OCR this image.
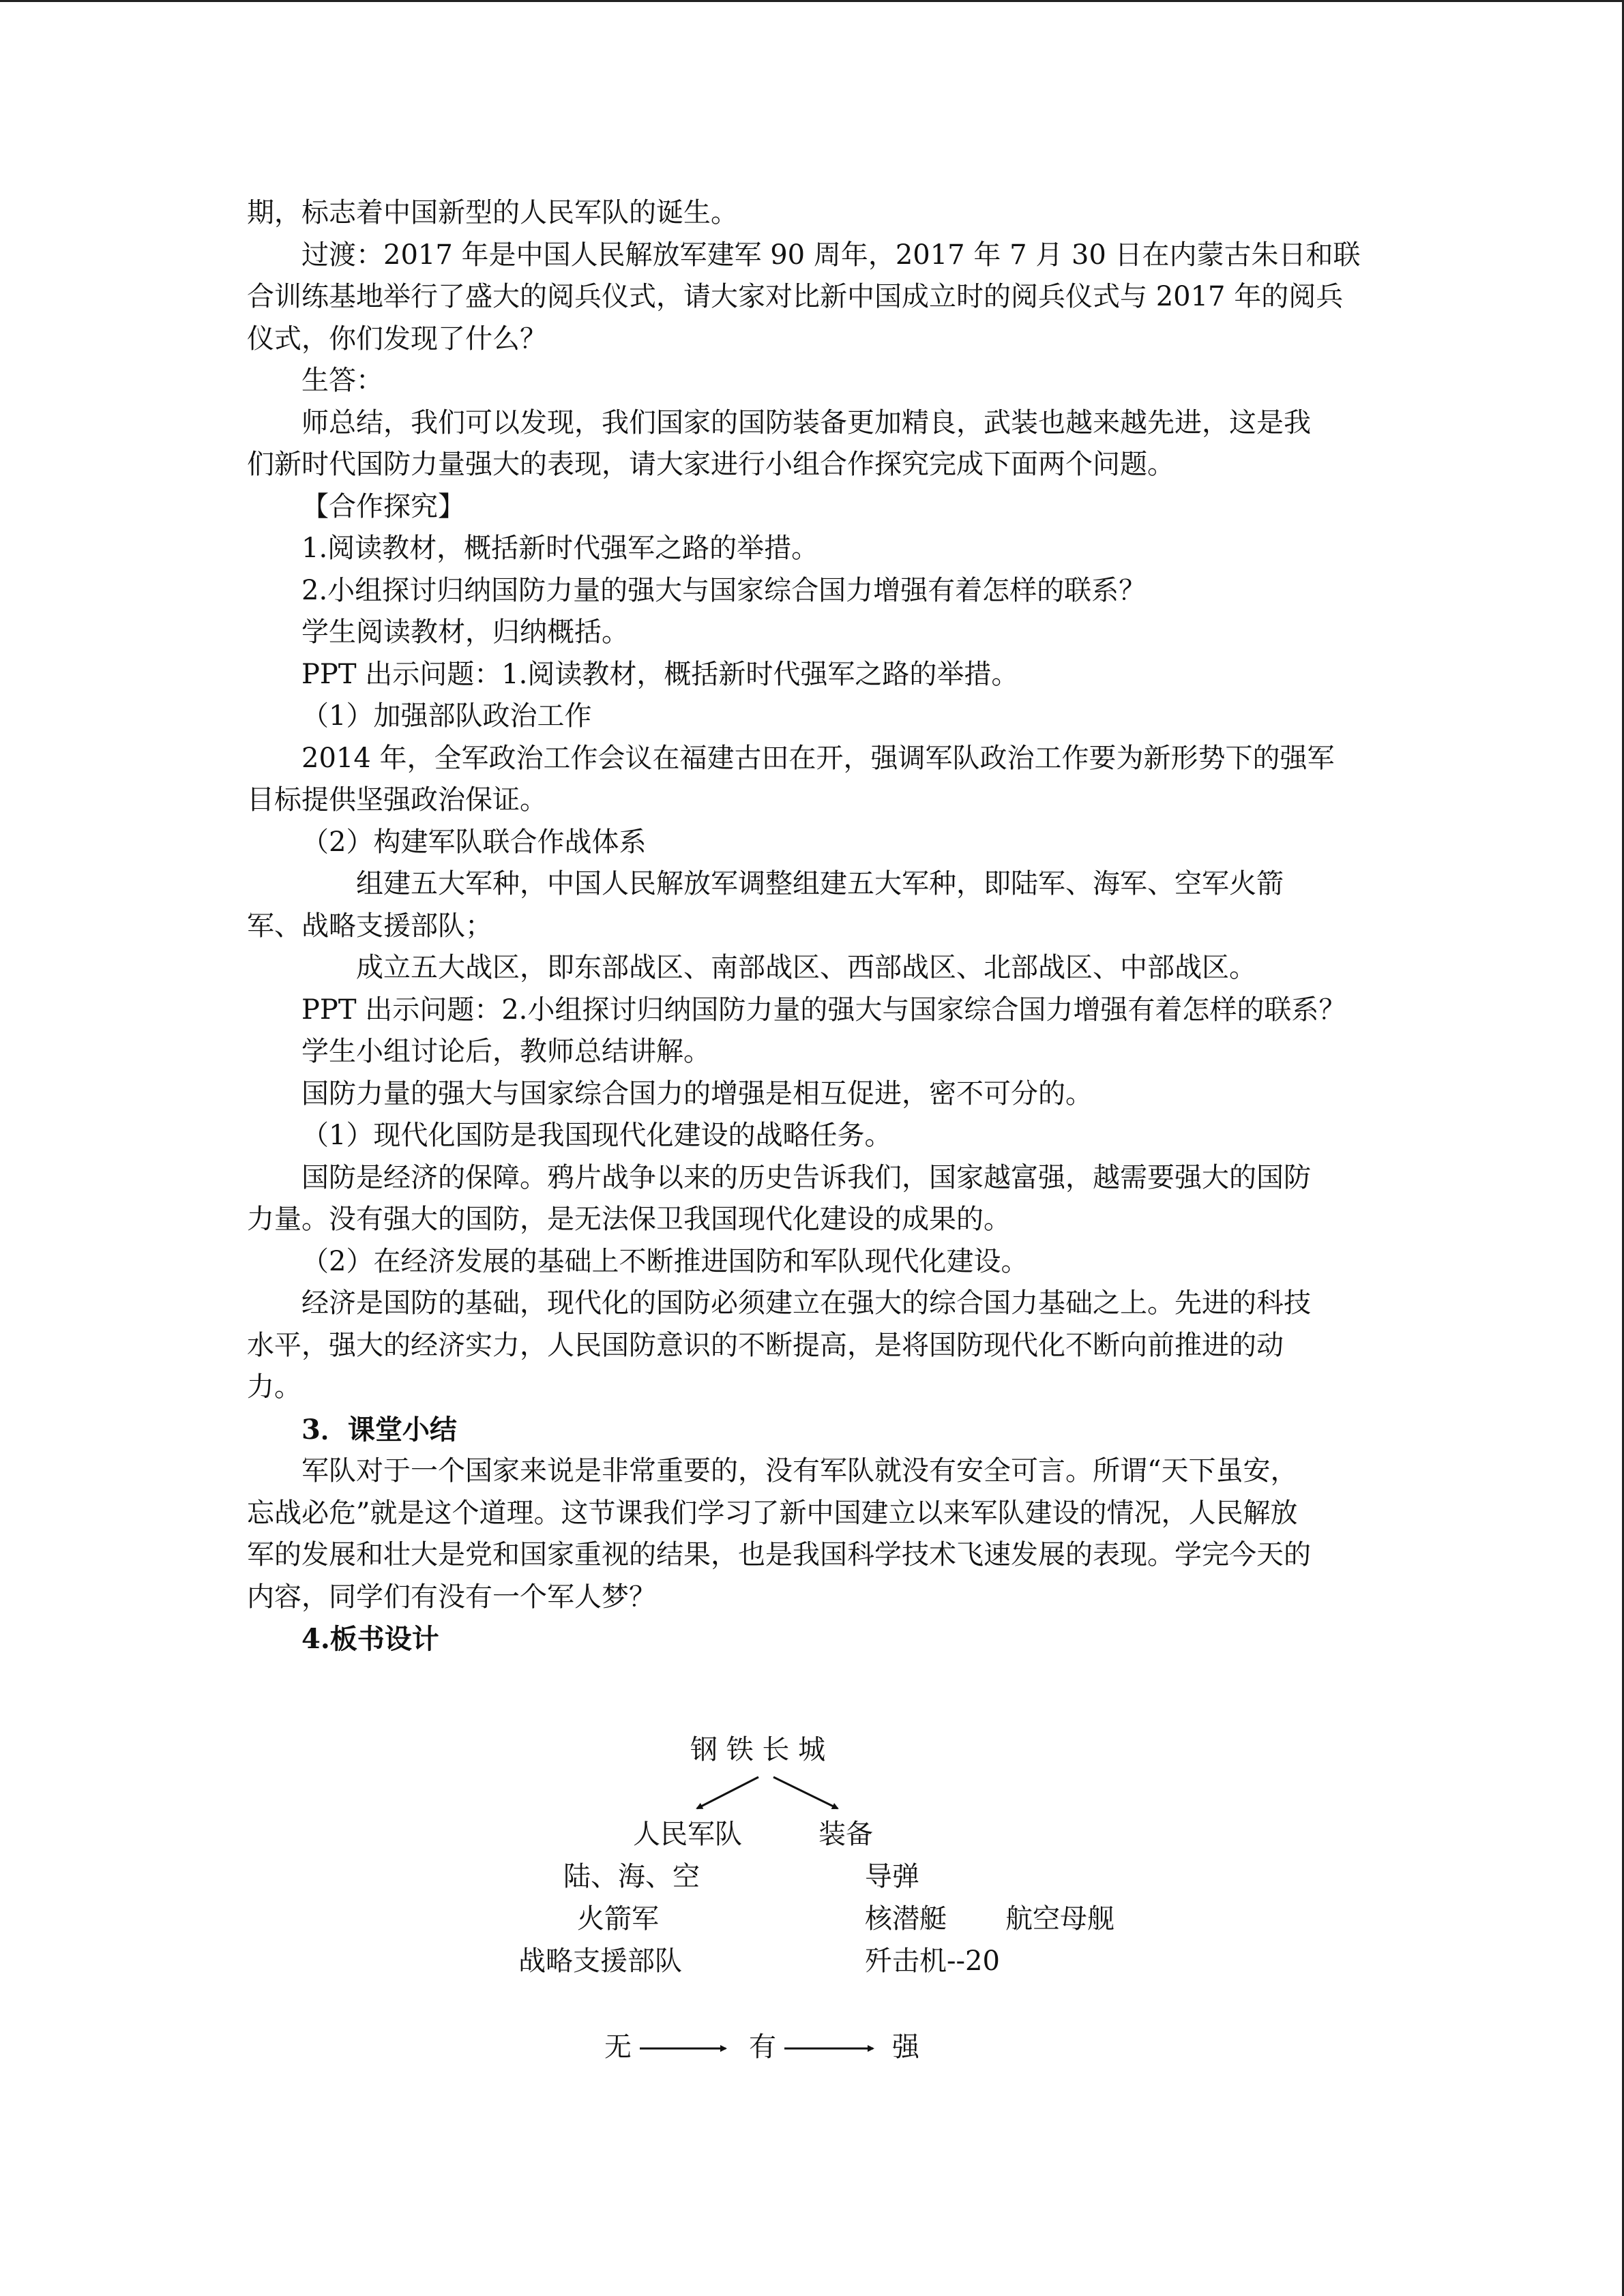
期，标志着中国新型的人民军队的诞生。

过渡：2017 年是中国人民解放军建军 90 周年，2017 年 7 月 30 日在内蒙古朱日和联

合训练基地举行了盛大的阅兵仪式，请大家对比新中国成立时的阅兵仪式与 2017 年的阅兵

仪式，你们发现了什么？

生答：

师总结，我们可以发现，我们国家的国防装备更加精良，武装也越来越先进，这是我

们新时代国防力量强大的表现，请大家进行小组合作探究完成下面两个问题。

【合作探究】

1.阅读教材，概括新时代强军之路的举措。

2.小组探讨归纳国防力量的强大与国家综合国力增强有着怎样的联系？

学生阅读教材，归纳概括。

PPT 出示问题：1.阅读教材，概括新时代强军之路的举措。

（1）加强部队政治工作

2014 年，全军政治工作会议在福建古田在开，强调军队政治工作要为新形势下的强军

目标提供坚强政治保证。

（2）构建军队联合作战体系

组建五大军种，中国人民解放军调整组建五大军种，即陆军、海军、空军火箭

军、战略支援部队；

成立五大战区，即东部战区、南部战区、西部战区、北部战区、中部战区。

PPT 出示问题：2.小组探讨归纳国防力量的强大与国家综合国力增强有着怎样的联系？

学生小组讨论后，教师总结讲解。

国防力量的强大与国家综合国力的增强是相互促进，密不可分的。

（1）现代化国防是我国现代化建设的战略任务。

国防是经济的保障。鸦片战争以来的历史告诉我们，国家越富强，越需要强大的国防

力量。没有强大的国防，是无法保卫我国现代化建设的成果的。

（2）在经济发展的基础上不断推进国防和军队现代化建设。

经济是国防的基础，现代化的国防必须建立在强大的综合国力基础之上。先进的科技

水平，强大的经济实力，人民国防意识的不断提高，是将国防现代化不断向前推进的动

力。

3．课堂小结

军队对于一个国家来说是非常重要的，没有军队就没有安全可言。所谓“天下虽安，

忘战必危”就是这个道理。这节课我们学习了新中国建立以来军队建设的情况，人民解放

军的发展和壮大是党和国家重视的结果，也是我国科学技术飞速发展的表现。学完今天的

内容，同学们有没有一个军人梦？

4.板书设计

钢 铁 长 城
人民军队	装备
陆、海、空
火箭军
战略支援部队
导弹
核潜艇
歼击机--20
航空母舰
无	有	强
